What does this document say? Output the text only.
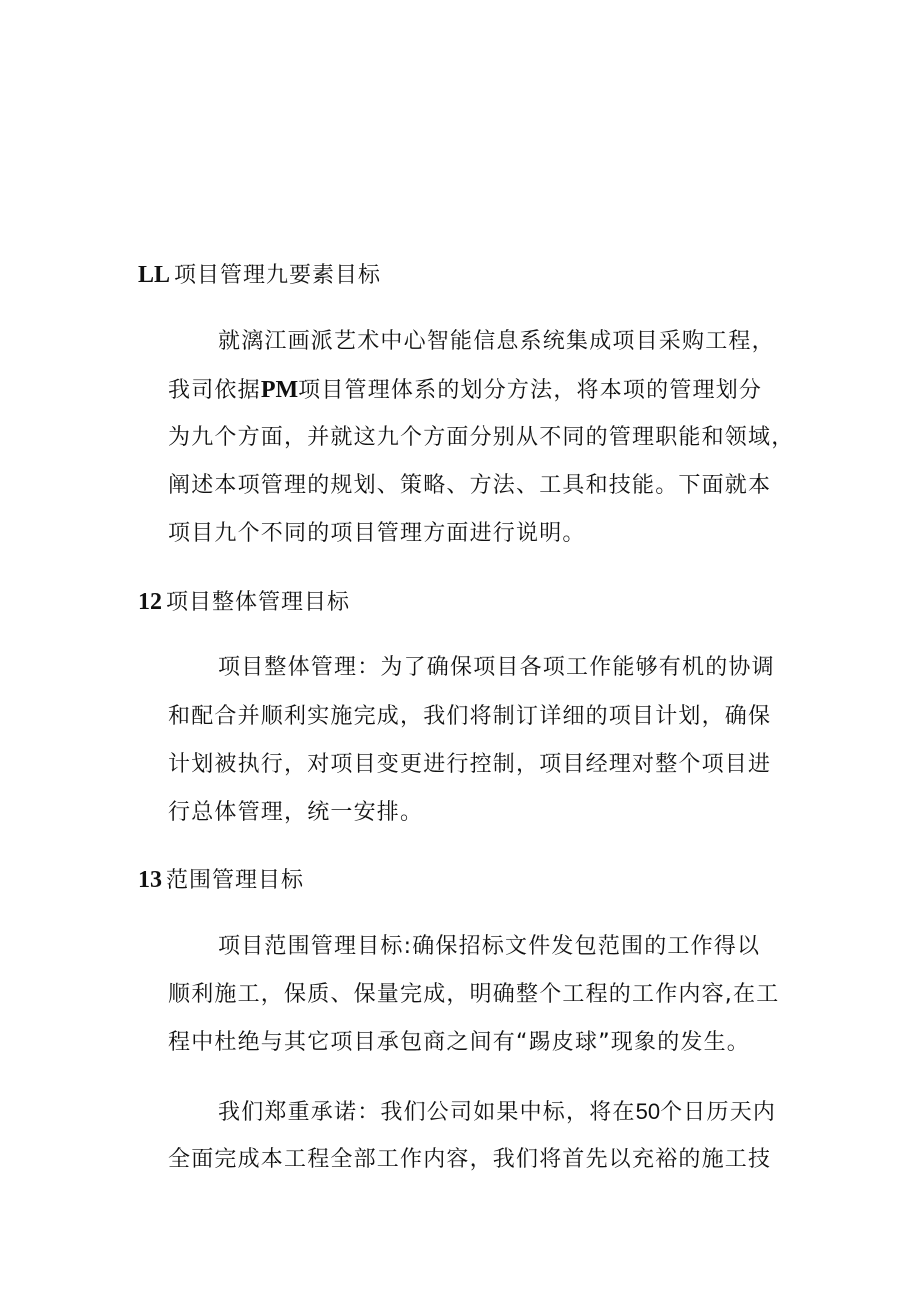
LL 项目管理九要素目标
就漓江画派艺术中心智能信息系统集成项目采购工程，
我司依据PM项目管理体系的划分方法，将本项的管理划分
为九个方面，并就这九个方面分别从不同的管理职能和领域，
阐述本项管理的规划、策略、方法、工具和技能。下面就本
项目九个不同的项目管理方面进行说明。
12 项目整体管理目标
项目整体管理：为了确保项目各项工作能够有机的协调
和配合并顺利实施完成，我们将制订详细的项目计划，确保
计划被执行，对项目变更进行控制，项目经理对整个项目进
行总体管理，统一安排。
13 范围管理目标
项目范围管理目标:确保招标文件发包范围的工作得以
顺利施工，保质、保量完成，明确整个工程的工作内容,在工
程中杜绝与其它项目承包商之间有“踢皮球”现象的发生。
我们郑重承诺：我们公司如果中标，将在50个日历天内
全面完成本工程全部工作内容，我们将首先以充裕的施工技
